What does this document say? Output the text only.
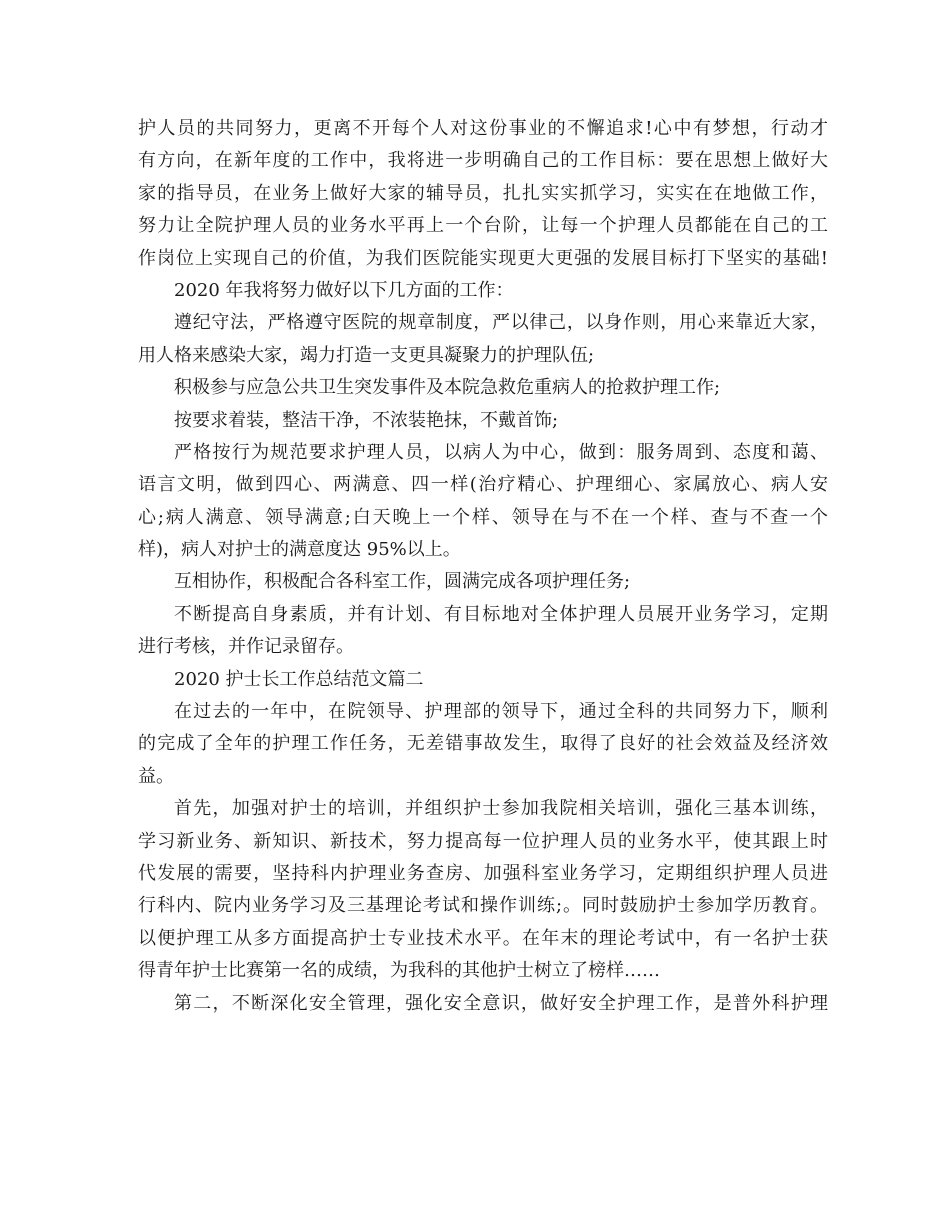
护人员的共同努力，更离不开每个人对这份事业的不懈追求!心中有梦想，行动才
有方向，在新年度的工作中，我将进一步明确自己的工作目标：要在思想上做好大
家的指导员，在业务上做好大家的辅导员，扎扎实实抓学习，实实在在地做工作，
努力让全院护理人员的业务水平再上一个台阶，让每一个护理人员都能在自己的工
作岗位上实现自己的价值，为我们医院能实现更大更强的发展目标打下坚实的基础!
2020 年我将努力做好以下几方面的工作：
遵纪守法，严格遵守医院的规章制度，严以律己，以身作则，用心来靠近大家，
用人格来感染大家，竭力打造一支更具凝聚力的护理队伍;
积极参与应急公共卫生突发事件及本院急救危重病人的抢救护理工作;
按要求着装，整洁干净，不浓装艳抹，不戴首饰;
严格按行为规范要求护理人员，以病人为中心，做到：服务周到、态度和蔼、
语言文明，做到四心、两满意、四一样(治疗精心、护理细心、家属放心、病人安
心;病人满意、领导满意;白天晚上一个样、领导在与不在一个样、查与不查一个
样)，病人对护士的满意度达 95%以上。
互相协作，积极配合各科室工作，圆满完成各项护理任务;
不断提高自身素质，并有计划、有目标地对全体护理人员展开业务学习，定期
进行考核，并作记录留存。
2020 护士长工作总结范文篇二
在过去的一年中，在院领导、护理部的领导下，通过全科的共同努力下，顺利
的完成了全年的护理工作任务，无差错事故发生，取得了良好的社会效益及经济效
益。
首先，加强对护士的培训，并组织护士参加我院相关培训，强化三基本训练，
学习新业务、新知识、新技术，努力提高每一位护理人员的业务水平，使其跟上时
代发展的需要，坚持科内护理业务查房、加强科室业务学习，定期组织护理人员进
行科内、院内业务学习及三基理论考试和操作训练;。同时鼓励护士参加学历教育。
以便护理工从多方面提高护士专业技术水平。在年末的理论考试中，有一名护士获
得青年护士比赛第一名的成绩，为我科的其他护士树立了榜样……
第二，不断深化安全管理，强化安全意识，做好安全护理工作，是普外科护理
